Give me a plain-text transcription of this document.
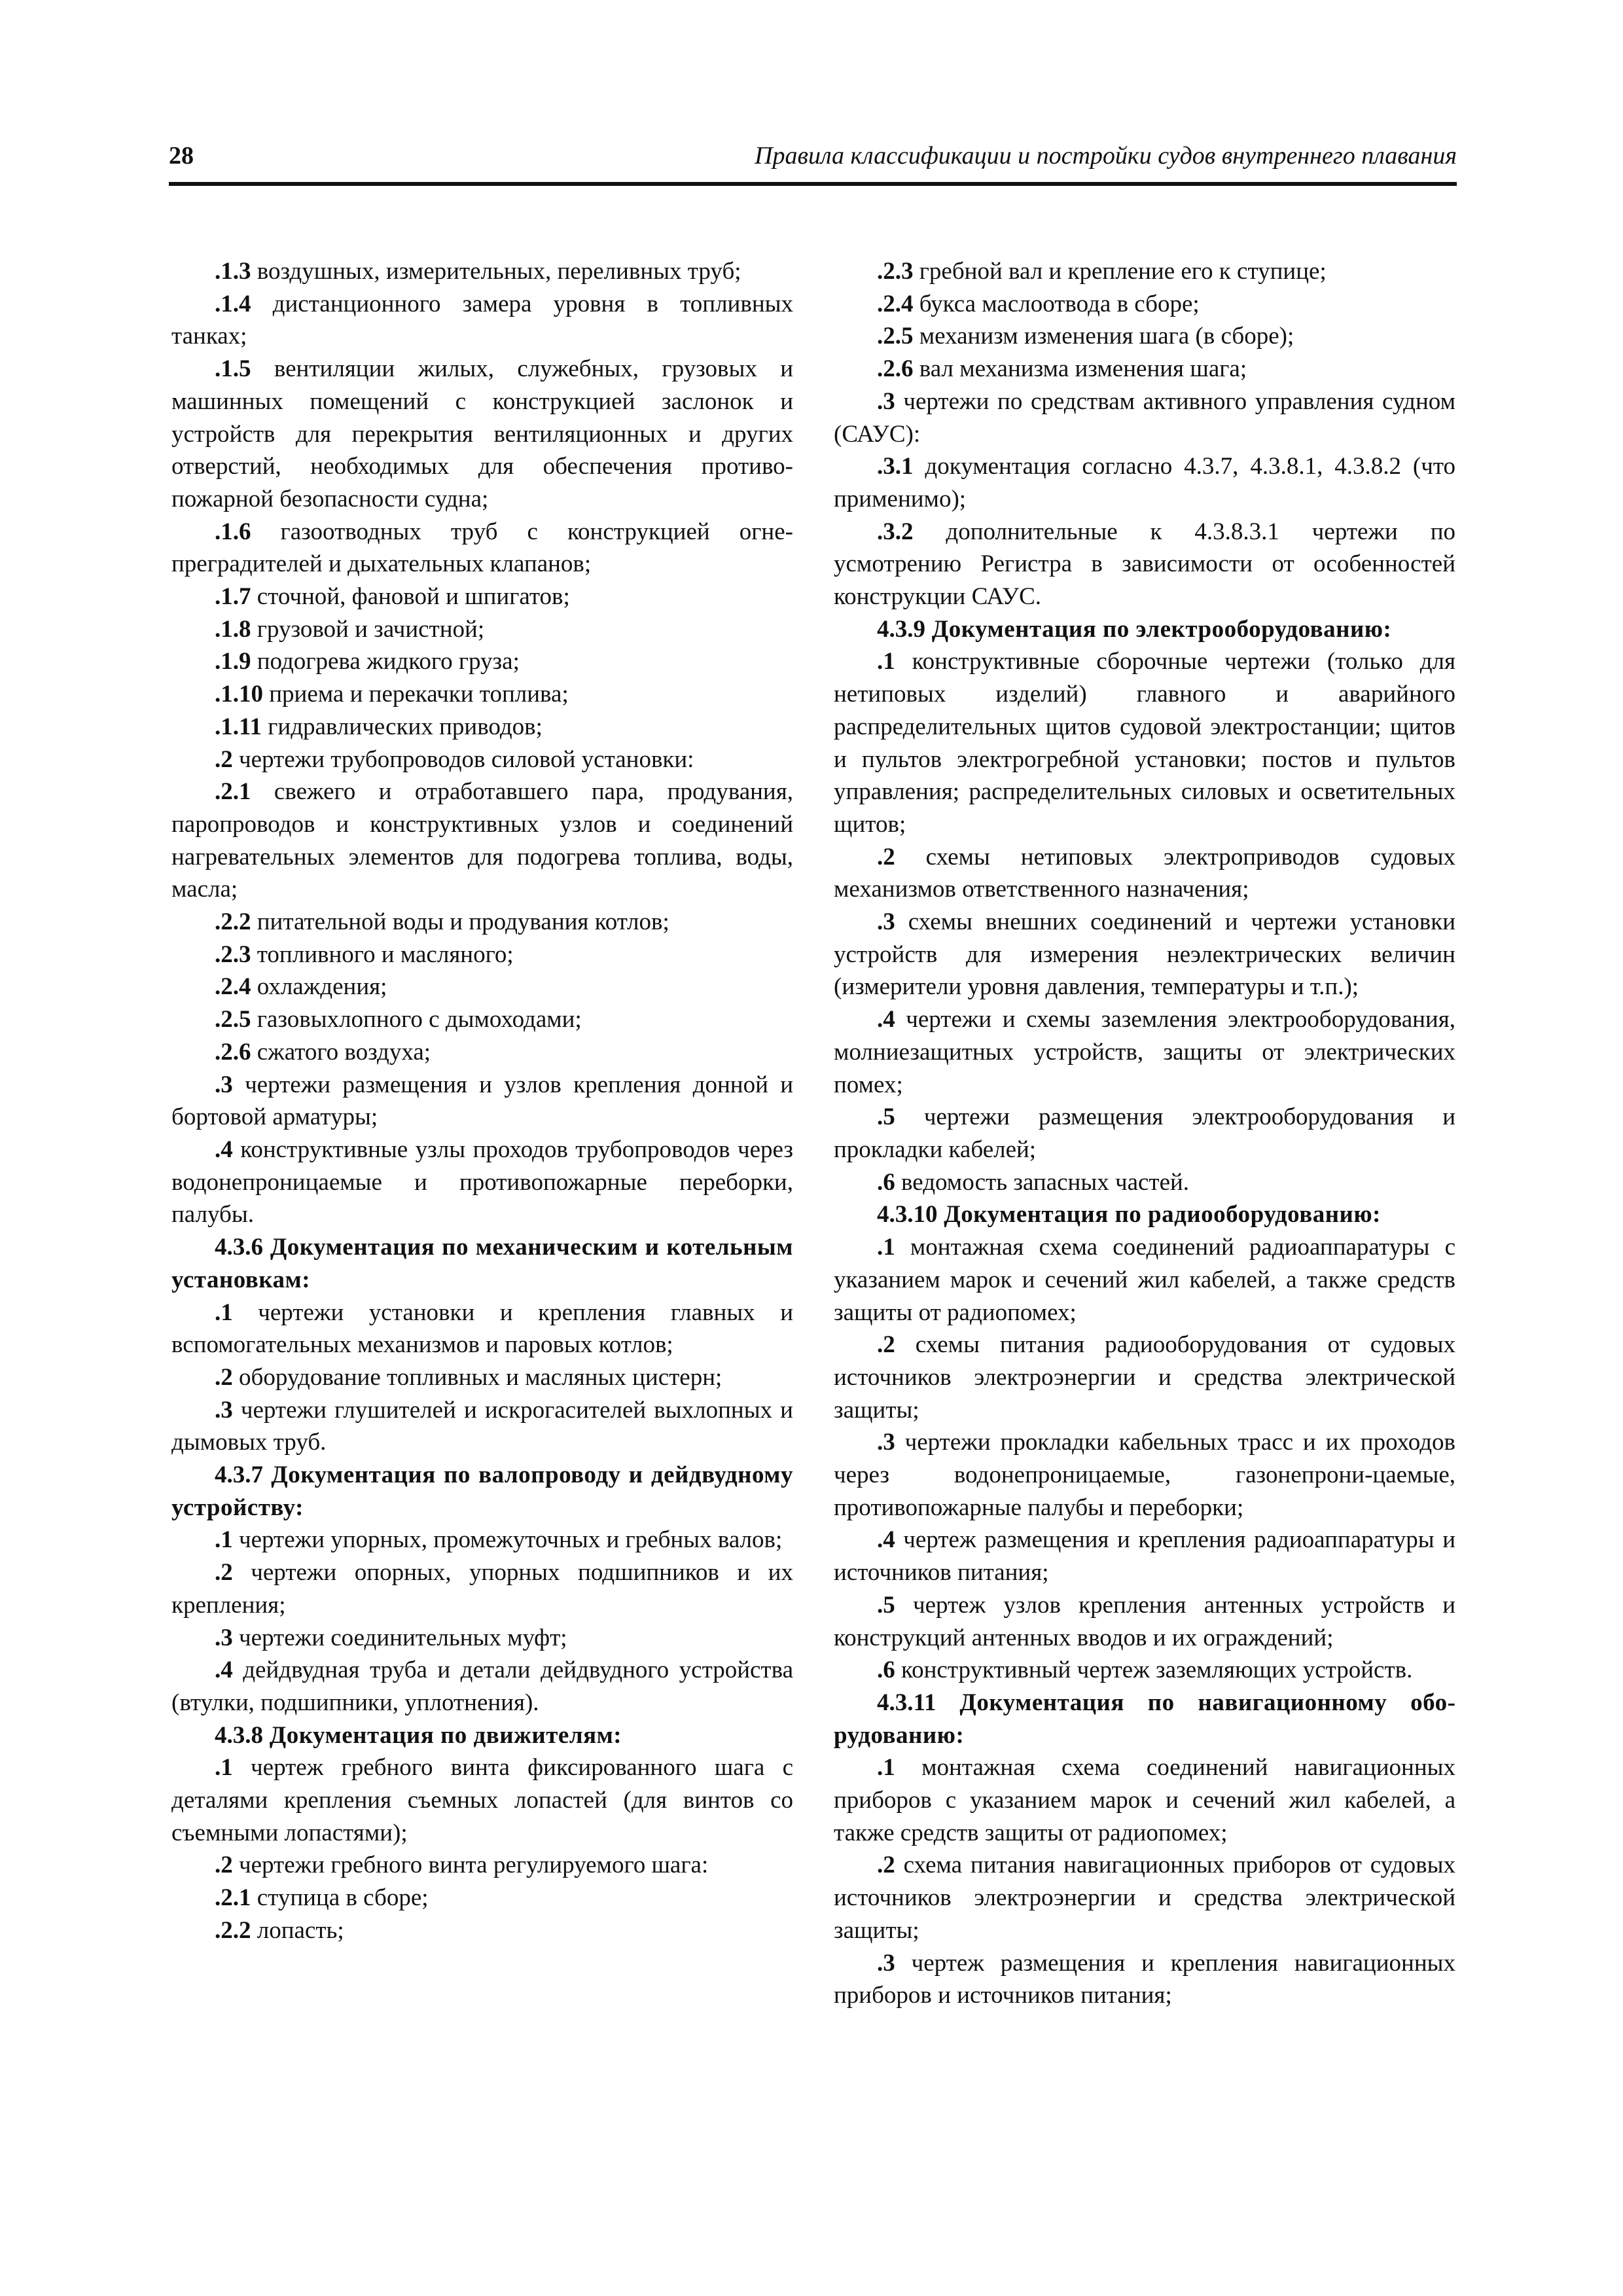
28	Правила классификации и постройки судов внутреннего плавания

.1.3 воздушных, измерительных, переливных труб;

.1.4 дистанционного замера уровня в топливных танках;

.1.5 вентиляции жилых, служебных, грузовых и машинных помещений с конструкцией заслонок и устройств для перекрытия вентиляционных и других отверстий, необходимых для обеспечения противопожарной безопасности судна;

.1.6 газоотводных труб с конструкцией огнепреградителей и дыхательных клапанов;

.1.7 сточной, фановой и шпигатов;

.1.8 грузовой и зачистной;

.1.9 подогрева жидкого груза;

.1.10 приема и перекачки топлива;

.1.11 гидравлических приводов;

.2 чертежи трубопроводов силовой установки:

.2.1 свежего и отработавшего пара, продувания, паропроводов и конструктивных узлов и соединений нагревательных элементов для подогрева топлива, воды, масла;

.2.2 питательной воды и продувания котлов;

.2.3 топливного и масляного;

.2.4 охлаждения;

.2.5 газовыхлопного с дымоходами;

.2.6 сжатого воздуха;

.3 чертежи размещения и узлов крепления донной и бортовой арматуры;

.4 конструктивные узлы проходов трубопроводов через водонепроницаемые и противопожарные переборки, палубы.

4.3.6 Документация по механическим и котельным установкам:

.1 чертежи установки и крепления главных и вспомогательных механизмов и паровых котлов;

.2 оборудование топливных и масляных цистерн;

.3 чертежи глушителей и искрогасителей выхлопных и дымовых труб.

4.3.7 Документация по валопроводу и дейдвудному устройству:

.1 чертежи упорных, промежуточных и гребных валов;

.2 чертежи опорных, упорных подшипников и их крепления;

.3 чертежи соединительных муфт;

.4 дейдвудная труба и детали дейдвудного устройства (втулки, подшипники, уплотнения).

4.3.8 Документация по движителям:

.1 чертеж гребного винта фиксированного шага с деталями крепления съемных лопастей (для винтов со съемными лопастями);

.2 чертежи гребного винта регулируемого шага:

.2.1 ступица в сборе;

.2.2 лопасть;

.2.3 гребной вал и крепление его к ступице;

.2.4 букса маслоотвода в сборе;

.2.5 механизм изменения шага (в сборе);

.2.6 вал механизма изменения шага;

.3 чертежи по средствам активного управления судном (САУС):

.3.1 документация согласно 4.3.7, 4.3.8.1, 4.3.8.2 (что применимо);

.3.2 дополнительные к 4.3.8.3.1 чертежи по усмотрению Регистра в зависимости от особенностей конструкции САУС.

4.3.9 Документация по электрооборудованию:

.1 конструктивные сборочные чертежи (только для нетиповых изделий) главного и аварийного распределительных щитов судовой электростанции; щитов и пультов электрогребной установки; постов и пультов управления; распределительных силовых и осветительных щитов;

.2 схемы нетиповых электроприводов судовых механизмов ответственного назначения;

.3 схемы внешних соединений и чертежи установки устройств для измерения неэлектрических величин (измерители уровня давления, температуры и т.п.);

.4 чертежи и схемы заземления электрооборудования, молниезащитных устройств, защиты от электрических помех;

.5 чертежи размещения электрооборудования и прокладки кабелей;

.6 ведомость запасных частей.

4.3.10 Документация по радиооборудованию:

.1 монтажная схема соединений радиоаппаратуры с указанием марок и сечений жил кабелей, а также средств защиты от радиопомех;

.2 схемы питания радиооборудования от судовых источников электроэнергии и средства электрической защиты;

.3 чертежи прокладки кабельных трасс и их проходов через водонепроницаемые, газонепрони-цаемые, противопожарные палубы и переборки;

.4 чертеж размещения и крепления радиоаппаратуры и источников питания;

.5 чертеж узлов крепления антенных устройств и конструкций антенных вводов и их ограждений;

.6 конструктивный чертеж заземляющих устройств.

4.3.11 Документация по навигационному оборудованию:

.1 монтажная схема соединений навигационных приборов с указанием марок и сечений жил кабелей, а также средств защиты от радиопомех;

.2 схема питания навигационных приборов от судовых источников электроэнергии и средства электрической защиты;

.3 чертеж размещения и крепления навигационных приборов и источников питания;
